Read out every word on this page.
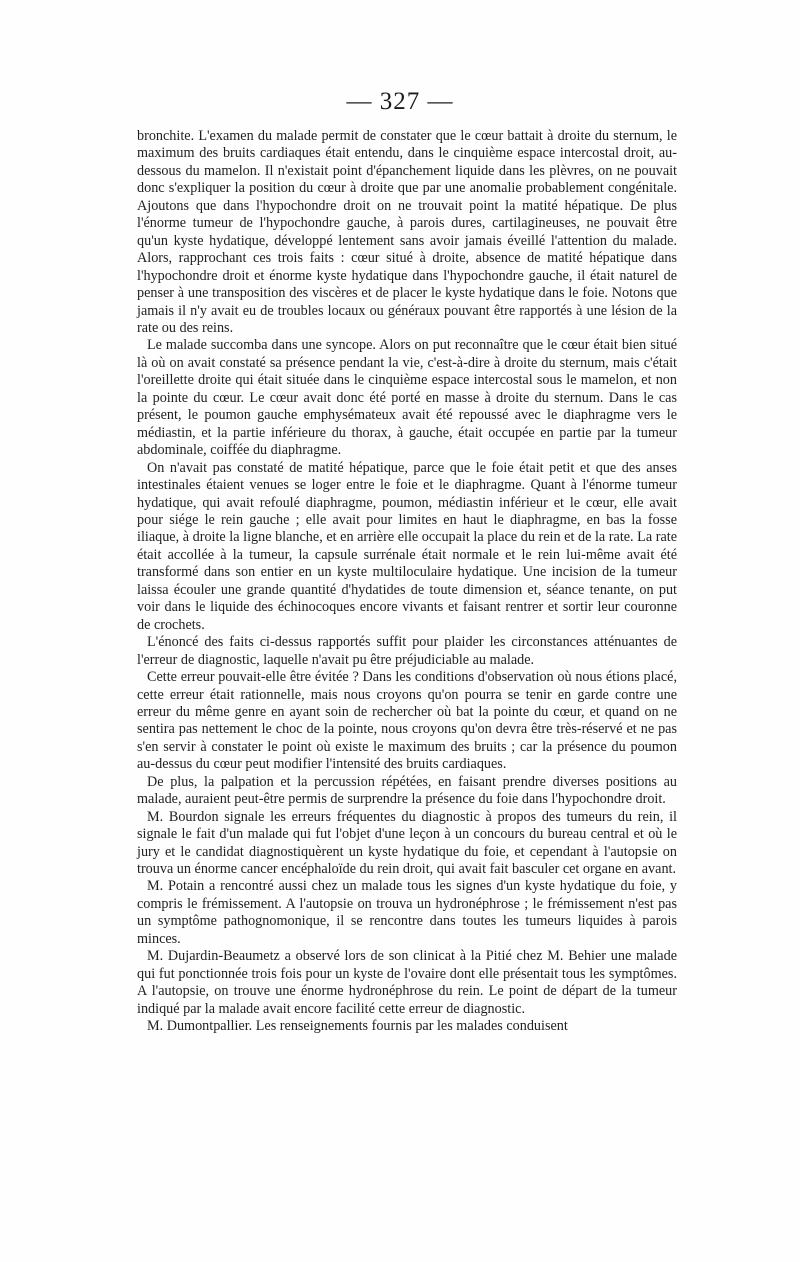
— 327 —

bronchite. L'examen du malade permit de constater que le cœur battait à droite du sternum, le maximum des bruits cardiaques était entendu, dans le cinquième espace intercostal droit, au-dessous du mamelon. Il n'existait point d'épanchement liquide dans les plèvres, on ne pouvait donc s'expliquer la position du cœur à droite que par une anomalie probablement congénitale. Ajoutons que dans l'hypochondre droit on ne trouvait point la matité hépatique. De plus l'énorme tumeur de l'hypochondre gauche, à parois dures, cartilagineuses, ne pouvait être qu'un kyste hydatique, développé lentement sans avoir jamais éveillé l'attention du malade. Alors, rapprochant ces trois faits : cœur situé à droite, absence de matité hépatique dans l'hypochondre droit et énorme kyste hydatique dans l'hypochondre gauche, il était naturel de penser à une transposition des viscères et de placer le kyste hydatique dans le foie. Notons que jamais il n'y avait eu de troubles locaux ou généraux pouvant être rapportés à une lésion de la rate ou des reins.

Le malade succomba dans une syncope. Alors on put reconnaître que le cœur était bien situé là où on avait constaté sa présence pendant la vie, c'est-à-dire à droite du sternum, mais c'était l'oreillette droite qui était située dans le cinquième espace intercostal sous le mamelon, et non la pointe du cœur. Le cœur avait donc été porté en masse à droite du sternum. Dans le cas présent, le poumon gauche emphysémateux avait été repoussé avec le diaphragme vers le médiastin, et la partie inférieure du thorax, à gauche, était occupée en partie par la tumeur abdominale, coiffée du diaphragme.

On n'avait pas constaté de matité hépatique, parce que le foie était petit et que des anses intestinales étaient venues se loger entre le foie et le diaphragme. Quant à l'énorme tumeur hydatique, qui avait refoulé diaphragme, poumon, médiastin inférieur et le cœur, elle avait pour siége le rein gauche ; elle avait pour limites en haut le diaphragme, en bas la fosse iliaque, à droite la ligne blanche, et en arrière elle occupait la place du rein et de la rate. La rate était accollée à la tumeur, la capsule surrénale était normale et le rein lui-même avait été transformé dans son entier en un kyste multiloculaire hydatique. Une incision de la tumeur laissa écouler une grande quantité d'hydatides de toute dimension et, séance tenante, on put voir dans le liquide des échinocoques encore vivants et faisant rentrer et sortir leur couronne de crochets.

L'énoncé des faits ci-dessus rapportés suffit pour plaider les circonstances atténuantes de l'erreur de diagnostic, laquelle n'avait pu être préjudiciable au malade.

Cette erreur pouvait-elle être évitée ? Dans les conditions d'observation où nous étions placé, cette erreur était rationnelle, mais nous croyons qu'on pourra se tenir en garde contre une erreur du même genre en ayant soin de rechercher où bat la pointe du cœur, et quand on ne sentira pas nettement le choc de la pointe, nous croyons qu'on devra être très-réservé et ne pas s'en servir à constater le point où existe le maximum des bruits ; car la présence du poumon au-dessus du cœur peut modifier l'intensité des bruits cardiaques.

De plus, la palpation et la percussion répétées, en faisant prendre diverses positions au malade, auraient peut-être permis de surprendre la présence du foie dans l'hypochondre droit.

M. Bourdon signale les erreurs fréquentes du diagnostic à propos des tumeurs du rein, il signale le fait d'un malade qui fut l'objet d'une leçon à un concours du bureau central et où le jury et le candidat diagnostiquèrent un kyste hydatique du foie, et cependant à l'autopsie on trouva un énorme cancer encéphaloïde du rein droit, qui avait fait basculer cet organe en avant.

M. Potain a rencontré aussi chez un malade tous les signes d'un kyste hydatique du foie, y compris le frémissement. A l'autopsie on trouva un hydronéphrose ; le frémissement n'est pas un symptôme pathognomonique, il se rencontre dans toutes les tumeurs liquides à parois minces.

M. Dujardin-Beaumetz a observé lors de son clinicat à la Pitié chez M. Behier une malade qui fut ponctionnée trois fois pour un kyste de l'ovaire dont elle présentait tous les symptômes. A l'autopsie, on trouve une énorme hydronéphrose du rein. Le point de départ de la tumeur indiqué par la malade avait encore facilité cette erreur de diagnostic.

M. Dumontpallier. Les renseignements fournis par les malades conduisent
